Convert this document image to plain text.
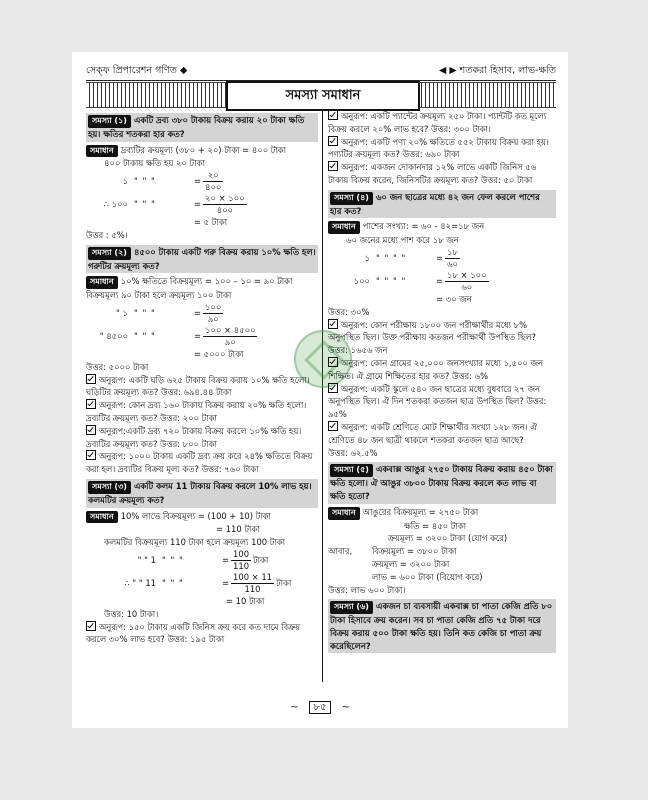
সেক্ফ প্রিপারেশন গণিত ◆	◀ ▶ শতকরা হিসাব, লাভ-ক্ষতি
সমস্যা সমাধান
সমস্যা (১) একটি দ্রব্য ৩৮০ টাকায় বিক্রয় করায় ২০ টাকা ক্ষতি হয়। ক্ষতির শতকরা হার কত?
সমাধান দ্রব্যটির ক্রয়মূল্য (৩৮০ + ২০) টাকা = ৪০০ টাকা
৪০০ টাকায় ক্ষতি হয় ২০ টাকা
১ " " "	= $\frac{২০}{৪০০}$
∴ ১০০ " " "	= $\frac{২০ \times ১০০}{৪০০}$
= ৫ টাকা
উত্তর : ৫%।
সমস্যা (২) ৪৫০০ টাকায় একটি গরু বিক্রয় করায় ১০% ক্ষতি হল। গরুটির ক্রয়মূল্য কত?
সমাধান ১০% ক্ষতিতে বিক্রয়মূল্য = ১০০ – ১০ = ৯০ টাকা
বিক্রয়মূল্য ৯০ টাকা হলে ক্রয়মূল্য ১০০ টাকা
" ১ " " "	= $\frac{১০০}{৯০}$
" ৪৫০০ " " "	= $\frac{১০০ \times ৪৫০০}{৯০}$
= ৫০০০ টাকা
উত্তর: ৫০০০ টাকা
অনুরূপ: একটি ঘড়ি ৬২৫ টাকায় বিক্রয় করায় ১০% ক্ষতি হলো। ঘড়িটির ক্রয়মূল্য কত? উত্তর: ৬৯৪.৪৪ টাকা
অনুরূপ: কোন দ্রব্য ১৬০ টাকায় বিক্রয় করায় ২০% ক্ষতি হলো। দ্রব্যটির ক্রয়মূল্য কত? উত্তর: ২০০ টাকা
অনুরূপ:একটি দ্রব্য ৭২০ টাকায় বিক্রয় করলে ১০% ক্ষতি হয়। দ্রব্যটির ক্রয়মূল্য কত? উত্তর: ৮০০ টাকা
অনুরূপ: ১০০০ টাকায় একটি দ্রব্য ক্রয় করে ২৪% ক্ষতিতে বিক্রয় করা হল। দ্রব্যটির বিক্রয় মূল্য কত? উত্তর: ৭৬০ টাকা
সমস্যা (৩) একটি কলম 11 টাকায় বিক্রয় করলে 10% লাভ হয়। কলমটির ক্রয়মূল্য কত?
সমাধান 10% লাভে বিক্রয়মূল্য = (100 + 10) টাকা
= 110 টাকা
কলমটির বিক্রয়মূল্য 110 টাকা হলে ক্রয়মূল্য 100 টাকা
" " 1 " " "	= $\frac{100}{110}$ টাকা
∴ " " 11 " " "	= $\frac{100 \times 11}{110}$ টাকা
= 10 টাকা
উত্তর: 10 টাকা।
অনুরূপ: ১৫০ টাকায় একটি জিনিস ক্রয় করে কত দামে বিক্রয় করলে ৩০% লাভ হবে? উত্তর: ১৯৫ টাকা
অনুরূপ: একটি প্যান্টের ক্রয়মূল্য ২৫০ টাকা। প্যান্টটি কত মূল্যে বিক্রয় করলে ২০% লাভ হবে? উত্তর: ৩০০ টাকা।
অনুরূপ: একটি পণ্য ২০% ক্ষতিতে ৫৫২ টাকায় বিক্রয় করা হয়। পণ্যটির ক্রয়মূল্য কত? উত্তর: ৬৯০ টাকা
অনুরূপ: একজন দোকানদার ১২% লাভে একটি জিনিস ৫৬ টাকায় বিক্রয় করেন, জিনিসটির ক্রয়মূল্য কত? উত্তর: ৫০ টাকা
সমস্যা (৪) ৬০ জন ছাত্রের মধ্যে ৪২ জন ফেল করলে পাশের হার কত?
সমাধান পাশের সংখ্যা: = ৬০ - ৪২=১৮ জন
৬০ জনের মধ্যে পাশ করে ১৮ জন
১ " " " "	= $\frac{১৮}{৬০}$
১০০ " " " "	= $\frac{১৮ \times ১০০}{৬০}$
= ৩০ জন
উত্তর: ৩০%
অনুরূপ: কোন পরীক্ষায় ১৮০০ জন পরীক্ষার্থীর মধ্যে ৮% অনুপস্থিত ছিল। উক্ত পরীক্ষায় কতজন পরীক্ষার্থী উপস্থিত ছিল? উত্তর: ১৬৫৬ জন
অনুরূপ: কোন গ্রামের ২৫,০০০ জনসংখ্যার মধ্যে ১,৫০০ জন শিক্ষিত। ঐ গ্রামে শিক্ষিতের হার কত? উত্তর: ৬%
অনুরূপ: একটি স্কুলে ৫৪০ জন ছাত্রের মধ্যে বুধবারে ২৭ জন অনুপস্থিত ছিল। ঐ দিন শতকরা কতজন ছাত্র উপস্থিত ছিল? উত্তর: ৯৫%
অনুরূপ: একটি শ্রেণিতে মোট শিক্ষার্থীর সংখ্যা ১২৮ জন। ঐ শ্রেণিতে ৪৮ জন ছাত্রী থাকলে শতকরা কতজন ছাত্র আছে?
উত্তর: ৬২.৫%
সমস্যা (৫) একবাক্স আঙুর ২৭৫০ টাকায় বিক্রয় করায় ৪৫০ টাকা ক্ষতি হলো। ঐ আঙুর ৩৮০০ টাকায় বিক্রয় করলে কত লাভ বা ক্ষতি হতো?
সমাধান আঙুরের বিক্রয়মূল্য = ২৭৫০ টাকা
ক্ষতি = ৪৫০ টাকা
ক্রয়মূল্য = ৩২০০ টাকা (যোগ করে)
আবার, বিক্রয়মূল্য = ৩৮০০ টাকা
ক্রয়মূল্য = ৩২০০ টাকা
লাভ = ৬০০ টাকা (বিয়োগ করে)
উত্তর: লাভ ৬০০ টাকা।
সমস্যা (৬) একজন চা ব্যবসায়ী একবাক্স চা পাতা কেজি প্রতি ৮০ টাকা হিসাবে ক্রয় করেন। সব চা পাতা কেজি প্রতি ৭৫ টাকা দরে বিক্রয় করায় ৫০০ টাকা ক্ষতি হয়। তিনি কত কেজি চা পাতা ক্রয় করেছিলেন?
~ ৮৫ ~
